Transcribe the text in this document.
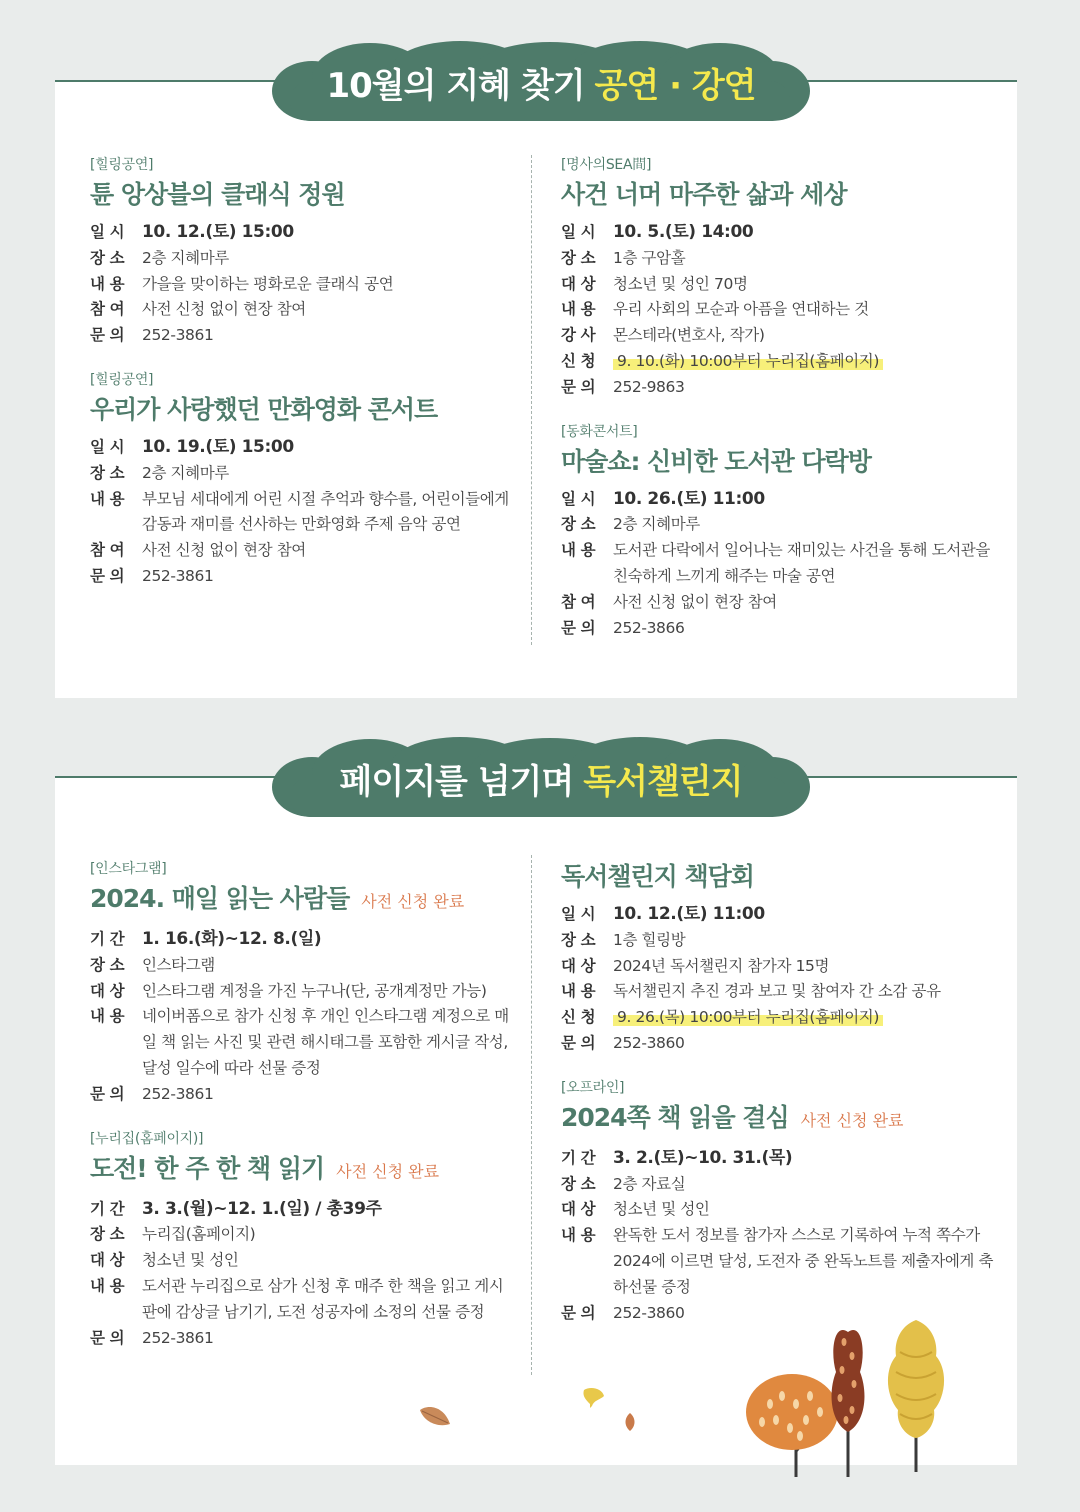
10월의 지혜 찾기 공연 · 강연
[힐링공연]
튠 앙상블의 클래식 정원
일 시	10. 12.(토) 15:00
장 소	2층 지혜마루
내 용	가을을 맞이하는 평화로운 클래식 공연
참 여	사전 신청 없이 현장 참여
문 의	252-3861
[힐링공연]
우리가 사랑했던 만화영화 콘서트
일 시	10. 19.(토) 15:00
장 소	2층 지혜마루
내 용	부모님 세대에게 어린 시절 추억과 향수를, 어린이들에게 감동과 재미를 선사하는 만화영화 주제 음악 공연
참 여	사전 신청 없이 현장 참여
문 의	252-3861
[명사의SEA間]
사건 너머 마주한 삶과 세상
일 시	10. 5.(토) 14:00
장 소	1층 구암홀
대 상	청소년 및 성인 70명
내 용	우리 사회의 모순과 아픔을 연대하는 것
강 사	몬스테라(변호사, 작가)
신 청	9. 10.(화) 10:00부터 누리집(홈페이지)
문 의	252-9863
[동화콘서트]
마술쇼: 신비한 도서관 다락방
일 시	10. 26.(토) 11:00
장 소	2층 지혜마루
내 용	도서관 다락에서 일어나는 재미있는 사건을 통해 도서관을 친숙하게 느끼게 해주는 마술 공연
참 여	사전 신청 없이 현장 참여
문 의	252-3866
페이지를 넘기며 독서챌린지
[인스타그램]
2024. 매일 읽는 사람들 사전 신청 완료
기 간	1. 16.(화)~12. 8.(일)
장 소	인스타그램
대 상	인스타그램 계정을 가진 누구나(단, 공개계정만 가능)
내 용	네이버폼으로 참가 신청 후 개인 인스타그램 계정으로 매일 책 읽는 사진 및 관련 해시태그를 포함한 게시글 작성, 달성 일수에 따라 선물 증정
문 의	252-3861
[누리집(홈페이지)]
도전! 한 주 한 책 읽기 사전 신청 완료
기 간	3. 3.(월)~12. 1.(일) / 총39주
장 소	누리집(홈페이지)
대 상	청소년 및 성인
내 용	도서관 누리집으로 삼가 신청 후 매주 한 책을 읽고 게시판에 감상글 남기기, 도전 성공자에 소정의 선물 증정
문 의	252-3861
독서챌린지 책담회
일 시	10. 12.(토) 11:00
장 소	1층 힐링방
대 상	2024년 독서챌린지 참가자 15명
내 용	독서챌린지 추진 경과 보고 및 참여자 간 소감 공유
신 청	9. 26.(목) 10:00부터 누리집(홈페이지)
문 의	252-3860
[오프라인]
2024쪽 책 읽을 결심 사전 신청 완료
기 간	3. 2.(토)~10. 31.(목)
장 소	2층 자료실
대 상	청소년 및 성인
내 용	완독한 도서 정보를 참가자 스스로 기록하여 누적 쪽수가 2024에 이르면 달성, 도전자 중 완독노트를 제출자에게 축하선물 증정
문 의	252-3860
